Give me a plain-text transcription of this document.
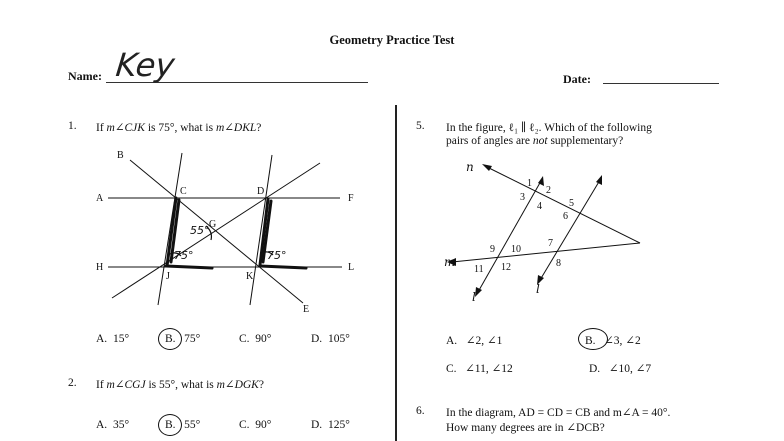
Geometry Practice Test
Name: Key	Date:
1. If m∠CJK is 75°, what is m∠DKL?
B
A
C	D
F
G
H
J	K
L
E
55°
75°	75°
1
2
3
4	5
6
7
8
9 10
11 12
n
m
l
l
A. 15°	B. 75°	C. 90°	D. 105°
2. If m∠CGJ is 55°, what is m∠DGK?
A. 35°	B. 55°	C. 90°	D. 125°
5. In the figure, ℓ₁ ∥ ℓ₂. Which of the following
pairs of angles are not supplementary?
A. ∠2, ∠1	B. ∠3, ∠2
C. ∠11, ∠12	D. ∠10, ∠7
6. In the diagram, AD = CD = CB and m∠A = 40°.
How many degrees are in ∠DCB?
